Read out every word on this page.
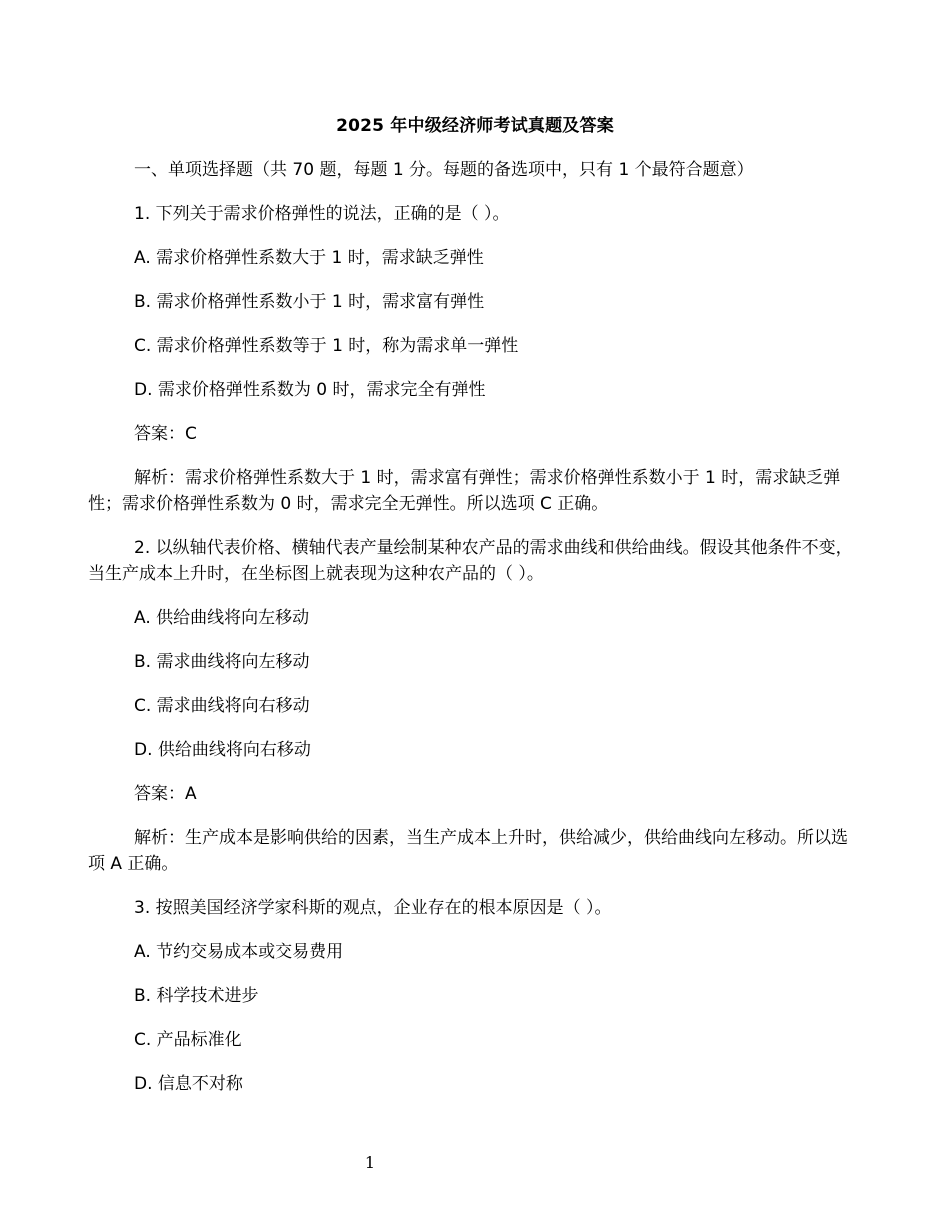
2025 年中级经济师考试真题及答案

一、单项选择题（共 70 题，每题 1 分。每题的备选项中，只有 1 个最符合题意）

1. 下列关于需求价格弹性的说法，正确的是（ ）。

A. 需求价格弹性系数大于 1 时，需求缺乏弹性

B. 需求价格弹性系数小于 1 时，需求富有弹性

C. 需求价格弹性系数等于 1 时，称为需求单一弹性

D. 需求价格弹性系数为 0 时，需求完全有弹性

答案：C

解析：需求价格弹性系数大于 1 时，需求富有弹性；需求价格弹性系数小于 1 时，需求缺乏弹性；需求价格弹性系数为 0 时，需求完全无弹性。所以选项 C 正确。

2. 以纵轴代表价格、横轴代表产量绘制某种农产品的需求曲线和供给曲线。假设其他条件不变，当生产成本上升时，在坐标图上就表现为这种农产品的（ ）。

A. 供给曲线将向左移动

B. 需求曲线将向左移动

C. 需求曲线将向右移动

D. 供给曲线将向右移动

答案：A

解析：生产成本是影响供给的因素，当生产成本上升时，供给减少，供给曲线向左移动。所以选项 A 正确。

3. 按照美国经济学家科斯的观点，企业存在的根本原因是（ ）。

A. 节约交易成本或交易费用

B. 科学技术进步

C. 产品标准化

D. 信息不对称

1
